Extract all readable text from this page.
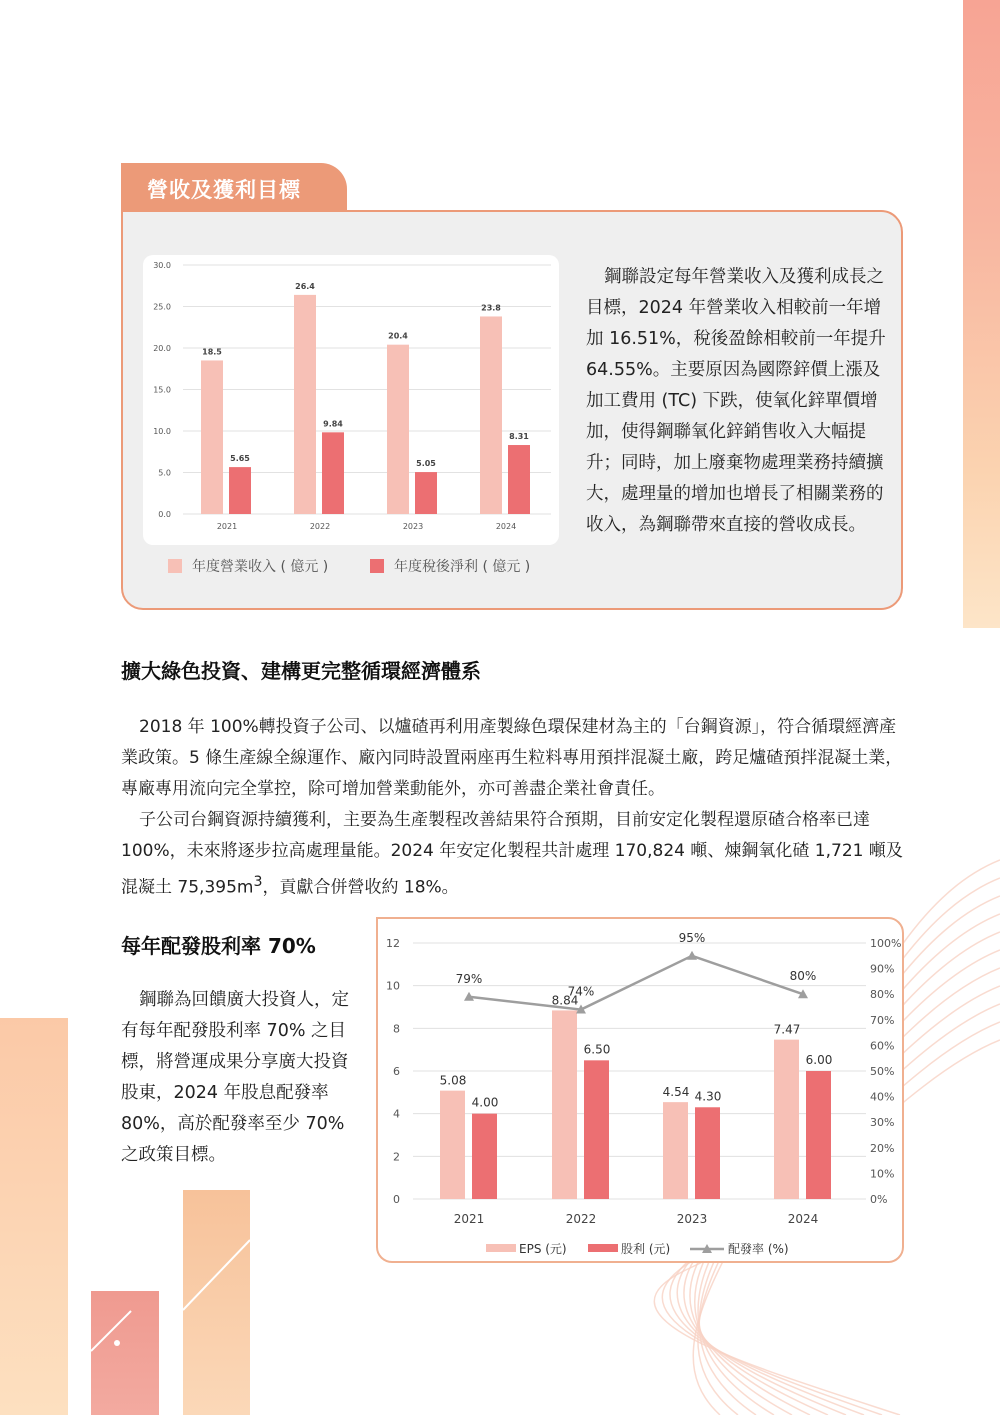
營收及獲利目標
0.0
5.0
10.0
15.0
20.0
25.0
30.0
18.5
5.65
2021
26.4
9.84
2022
20.4
5.05
2023
23.8
8.31
2024
年度營業收入 ( 億元 )	年度稅後淨利 ( 億元 )

鋼聯設定每年營業收入及獲利成長之目標，2024 年營業收入相較前一年增加 16.51%，稅後盈餘相較前一年提升 64.55%。主要原因為國際鋅價上漲及加工費用 (TC) 下跌，使氧化鋅單價增加，使得鋼聯氧化鋅銷售收入大幅提升；同時，加上廢棄物處理業務持續擴大，處理量的增加也增長了相關業務的收入，為鋼聯帶來直接的營收成長。

擴大綠色投資、建構更完整循環經濟體系

2018 年 100%轉投資子公司、以爐碴再利用產製綠色環保建材為主的「台鋼資源」，符合循環經濟產業政策。5 條生產線全線運作、廠內同時設置兩座再生粒料專用預拌混凝土廠，跨足爐碴預拌混凝土業，專廠專用流向完全掌控，除可增加營業動能外，亦可善盡企業社會責任。

子公司台鋼資源持續獲利，主要為生產製程改善結果符合預期，目前安定化製程還原碴合格率已達 100%，未來將逐步拉高處理量能。2024 年安定化製程共計處理 170,824 噸、煉鋼氧化碴 1,721 噸及混凝土 $75,395m^3$，貢獻合併營收約 18%。

每年配發股利率 70%

鋼聯為回饋廣大投資人，定有每年配發股利率 70% 之目標，將營運成果分享廣大投資股東，2024 年股息配發率 80%，高於配發率至少 70% 之政策目標。

0
2
4
6
8
10
12
0%
10%
20%
30%
40%
50%
60%
70%
80%
90%
100%
5.08
4.00
2021
8.84
6.50
2022
4.54 4.30
2023
7.47
6.00
2024
79%
74%
95%
80%
EPS (元)	股利 (元)	配發率 (%)
